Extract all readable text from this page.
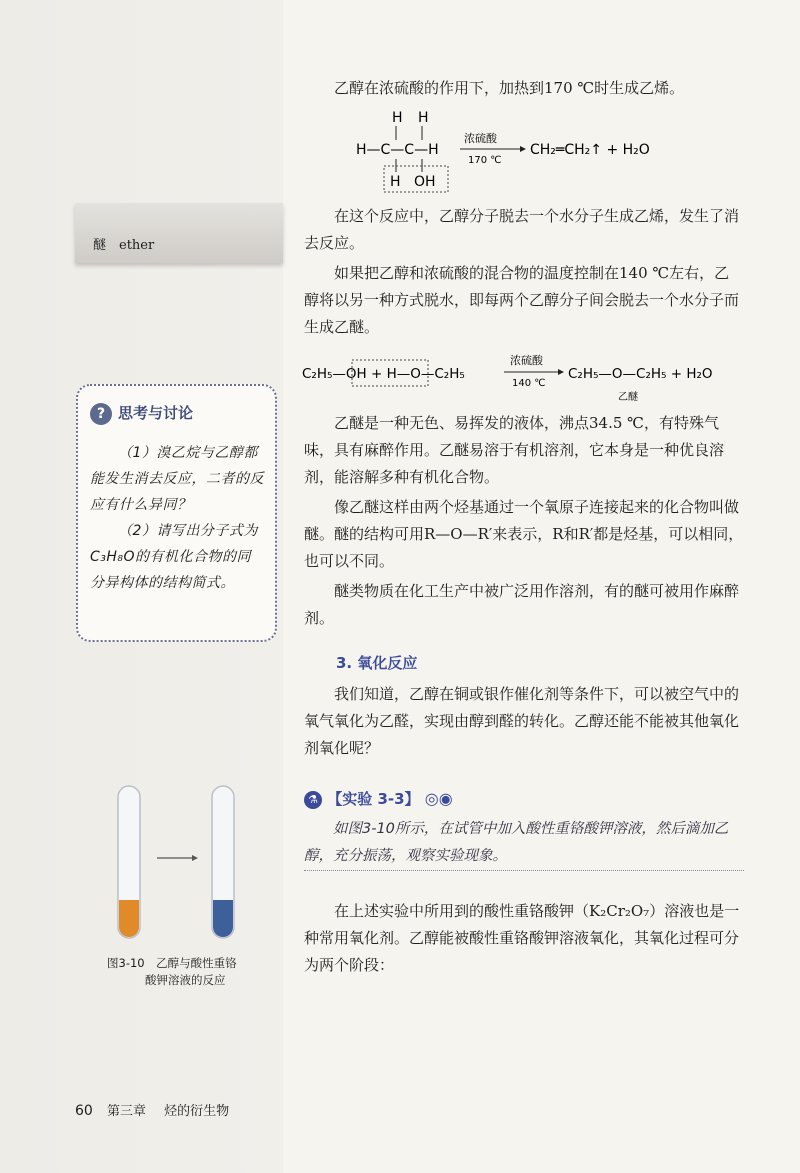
醚　ether
? 思考与讨论

（1）溴乙烷与乙醇都能发生消去反应，二者的反应有什么异同？

（2）请写出分子式为C₃H₈O的有机化合物的同分异构体的结构简式。

图3-10　乙醇与酸性重铬
酸钾溶液的反应

乙醇在浓硫酸的作用下，加热到170 ℃时生成乙烯。

H H
H—C—C—H
H OH
浓硫酸
170 ℃
CH₂═CH₂↑ + H₂O

在这个反应中，乙醇分子脱去一个水分子生成乙烯，发生了消去反应。

如果把乙醇和浓硫酸的混合物的温度控制在140 ℃左右，乙醇将以另一种方式脱水，即每两个乙醇分子间会脱去一个水分子而生成乙醚。

C₂H₅—OH + H—O—C₂H₅
浓硫酸
140 ℃
C₂H₅—O—C₂H₅ + H₂O
乙醚

乙醚是一种无色、易挥发的液体，沸点34.5 ℃，有特殊气味，具有麻醉作用。乙醚易溶于有机溶剂，它本身是一种优良溶剂，能溶解多种有机化合物。

像乙醚这样由两个烃基通过一个氧原子连接起来的化合物叫做醚。醚的结构可用R—O—R′来表示，R和R′都是烃基，可以相同，也可以不同。

醚类物质在化工生产中被广泛用作溶剂，有的醚可被用作麻醉剂。

3. 氧化反应

我们知道，乙醇在铜或银作催化剂等条件下，可以被空气中的氧气氧化为乙醛，实现由醇到醛的转化。乙醇还能不能被其他氧化剂氧化呢？

⚗ 【实验 3-3】 ◎◉

如图3-10所示，在试管中加入酸性重铬酸钾溶液，然后滴加乙醇，充分振荡，观察实验现象。

在上述实验中所用到的酸性重铬酸钾（K₂Cr₂O₇）溶液也是一种常用氧化剂。乙醇能被酸性重铬酸钾溶液氧化，其氧化过程可分为两个阶段：

60 第三章 烃的衍生物
